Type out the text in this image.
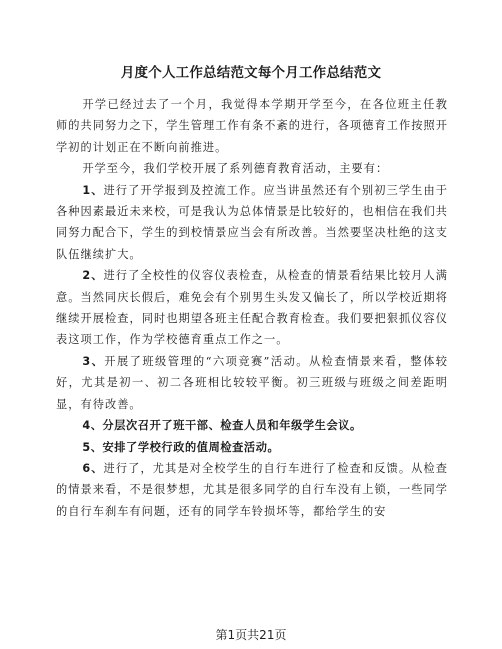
月度个人工作总结范文每个月工作总结范文

开学已经过去了一个月，我觉得本学期开学至今，在各位班主任教师的共同努力之下，学生管理工作有条不紊的进行，各项德育工作按照开学初的计划正在不断向前推进。

开学至今，我们学校开展了系列德育教育活动，主要有：

1、进行了开学报到及控流工作。应当讲虽然还有个别初三学生由于各种因素最近未来校，可是我认为总体情景是比较好的，也相信在我们共同努力配合下，学生的到校情景应当会有所改善。当然要坚决杜绝的这支队伍继续扩大。

2、进行了全校性的仪容仪表检查，从检查的情景看结果比较月人满意。当然同庆长假后，难免会有个别男生头发又偏长了，所以学校近期将继续开展检查，同时也期望各班主任配合教育检查。我们要把狠抓仪容仪表这项工作，作为学校德育重点工作之一。

3、开展了班级管理的“六项竞赛”活动。从检查情景来看，整体较好，尤其是初一、初二各班相比较较平衡。初三班级与班级之间差距明显，有待改善。

4、分层次召开了班干部、检查人员和年级学生会议。

5、安排了学校行政的值周检查活动。

6、进行了，尤其是对全校学生的自行车进行了检查和反馈。从检查的情景来看，不是很梦想，尤其是很多同学的自行车没有上锁，一些同学的自行车刹车有问题，还有的同学车铃损坏等，都给学生的安

第1页共21页
